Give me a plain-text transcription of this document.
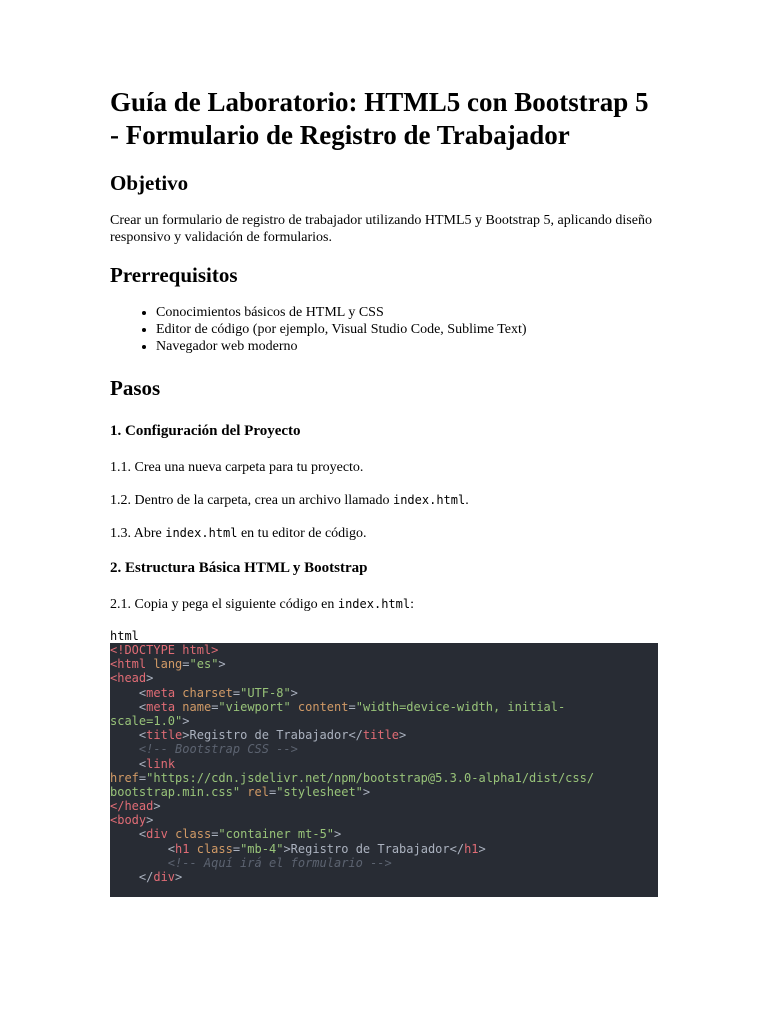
Guía de Laboratorio: HTML5 con Bootstrap 5 - Formulario de Registro de Trabajador
Objetivo

Crear un formulario de registro de trabajador utilizando HTML5 y Bootstrap 5, aplicando diseño responsivo y validación de formularios.

Prerrequisitos
• Conocimientos básicos de HTML y CSS
• Editor de código (por ejemplo, Visual Studio Code, Sublime Text)
• Navegador web moderno
Pasos
1. Configuración del Proyecto

1.1. Crea una nueva carpeta para tu proyecto.

1.2. Dentro de la carpeta, crea un archivo llamado index.html.

1.3. Abre index.html en tu editor de código.

2. Estructura Básica HTML y Bootstrap

2.1. Copia y pega el siguiente código en index.html:

html
<!DOCTYPE html>
<html lang="es">
<head>
<meta charset="UTF-8">
<meta name="viewport" content="width=device-width, initial-
scale=1.0">
<title>Registro de Trabajador</title>
<!-- Bootstrap CSS -->
<link
href="https://cdn.jsdelivr.net/npm/bootstrap@5.3.0-alpha1/dist/css/
bootstrap.min.css" rel="stylesheet">
</head>
<body>
<div class="container mt-5">
<h1 class="mb-4">Registro de Trabajador</h1>
<!-- Aquí irá el formulario -->
</div>
